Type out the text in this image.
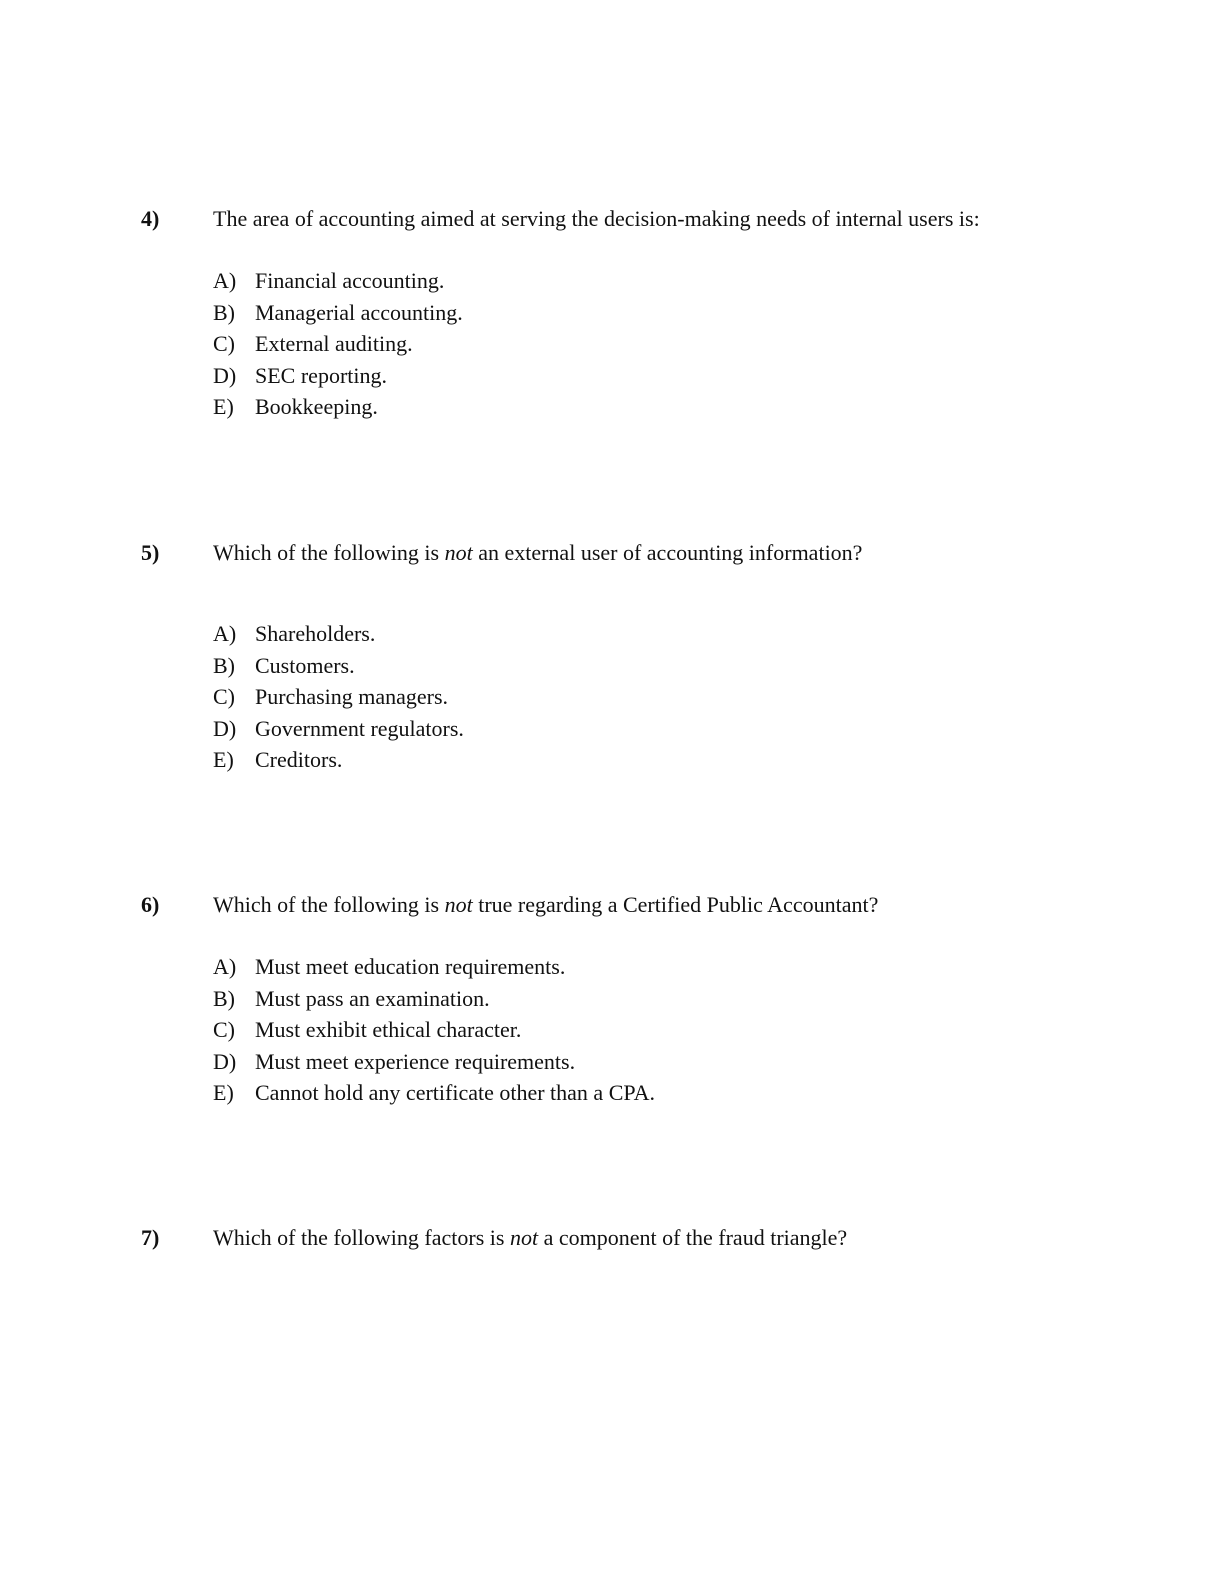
4) The area of accounting aimed at serving the decision-making needs of internal users is:
A) Financial accounting.
B) Managerial accounting.
C) External auditing.
D) SEC reporting.
E) Bookkeeping.
5) Which of the following is not an external user of accounting information?
A) Shareholders.
B) Customers.
C) Purchasing managers.
D) Government regulators.
E) Creditors.
6) Which of the following is not true regarding a Certified Public Accountant?
A) Must meet education requirements.
B) Must pass an examination.
C) Must exhibit ethical character.
D) Must meet experience requirements.
E) Cannot hold any certificate other than a CPA.
7) Which of the following factors is not a component of the fraud triangle?
